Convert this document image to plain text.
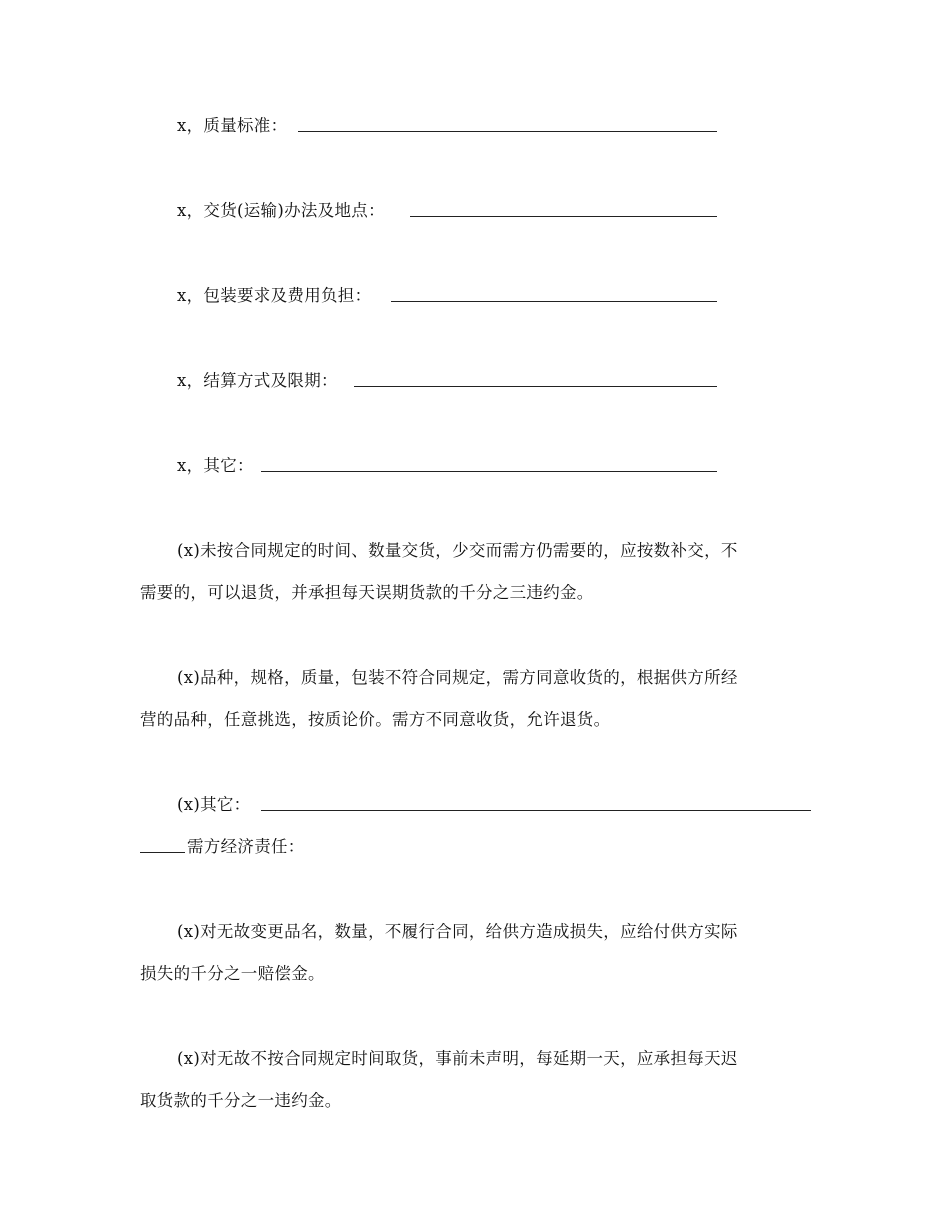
x，质量标准：
x，交货(运输)办法及地点：
x，包装要求及费用负担：
x，结算方式及限期：
x，其它：
(x)未按合同规定的时间、数量交货，少交而需方仍需要的，应按数补交，不
需要的，可以退货，并承担每天误期货款的千分之三违约金。
(x)品种，规格，质量，包装不符合同规定，需方同意收货的，根据供方所经
营的品种，任意挑选，按质论价。需方不同意收货，允许退货。
(x)其它：
需方经济责任：
(x)对无故变更品名，数量，不履行合同，给供方造成损失，应给付供方实际
损失的千分之一赔偿金。
(x)对无故不按合同规定时间取货，事前未声明，每延期一天，应承担每天迟
取货款的千分之一违约金。
